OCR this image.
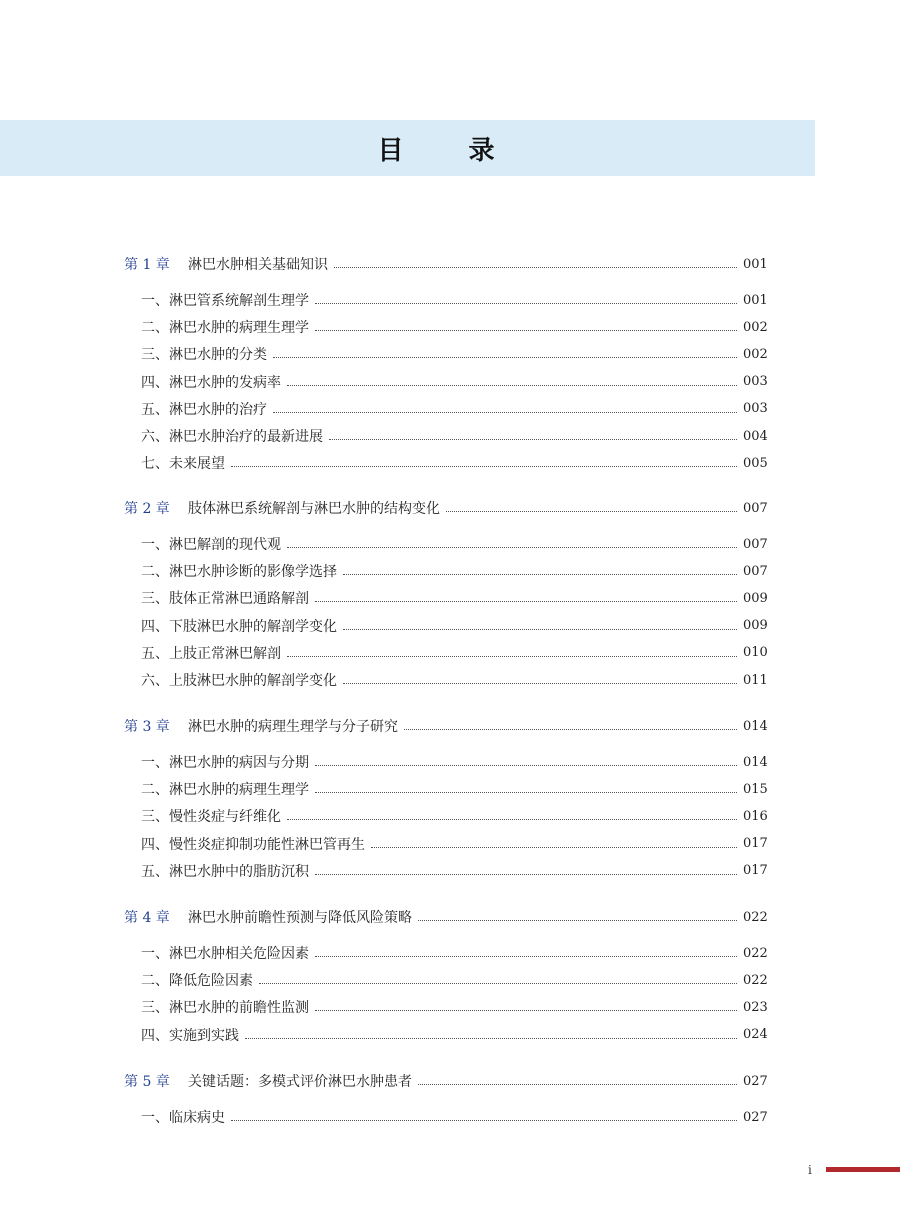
目 录
第 1 章	淋巴水肿相关基础知识	001
一、淋巴管系统解剖生理学	001
二、淋巴水肿的病理生理学	002
三、淋巴水肿的分类	002
四、淋巴水肿的发病率	003
五、淋巴水肿的治疗	003
六、淋巴水肿治疗的最新进展	004
七、未来展望	005
第 2 章	肢体淋巴系统解剖与淋巴水肿的结构变化	007
一、淋巴解剖的现代观	007
二、淋巴水肿诊断的影像学选择	007
三、肢体正常淋巴通路解剖	009
四、下肢淋巴水肿的解剖学变化	009
五、上肢正常淋巴解剖	010
六、上肢淋巴水肿的解剖学变化	011
第 3 章	淋巴水肿的病理生理学与分子研究	014
一、淋巴水肿的病因与分期	014
二、淋巴水肿的病理生理学	015
三、慢性炎症与纤维化	016
四、慢性炎症抑制功能性淋巴管再生	017
五、淋巴水肿中的脂肪沉积	017
第 4 章	淋巴水肿前瞻性预测与降低风险策略	022
一、淋巴水肿相关危险因素	022
二、降低危险因素	022
三、淋巴水肿的前瞻性监测	023
四、实施到实践	024
第 5 章	关键话题：多模式评价淋巴水肿患者	027
一、临床病史	027
i
